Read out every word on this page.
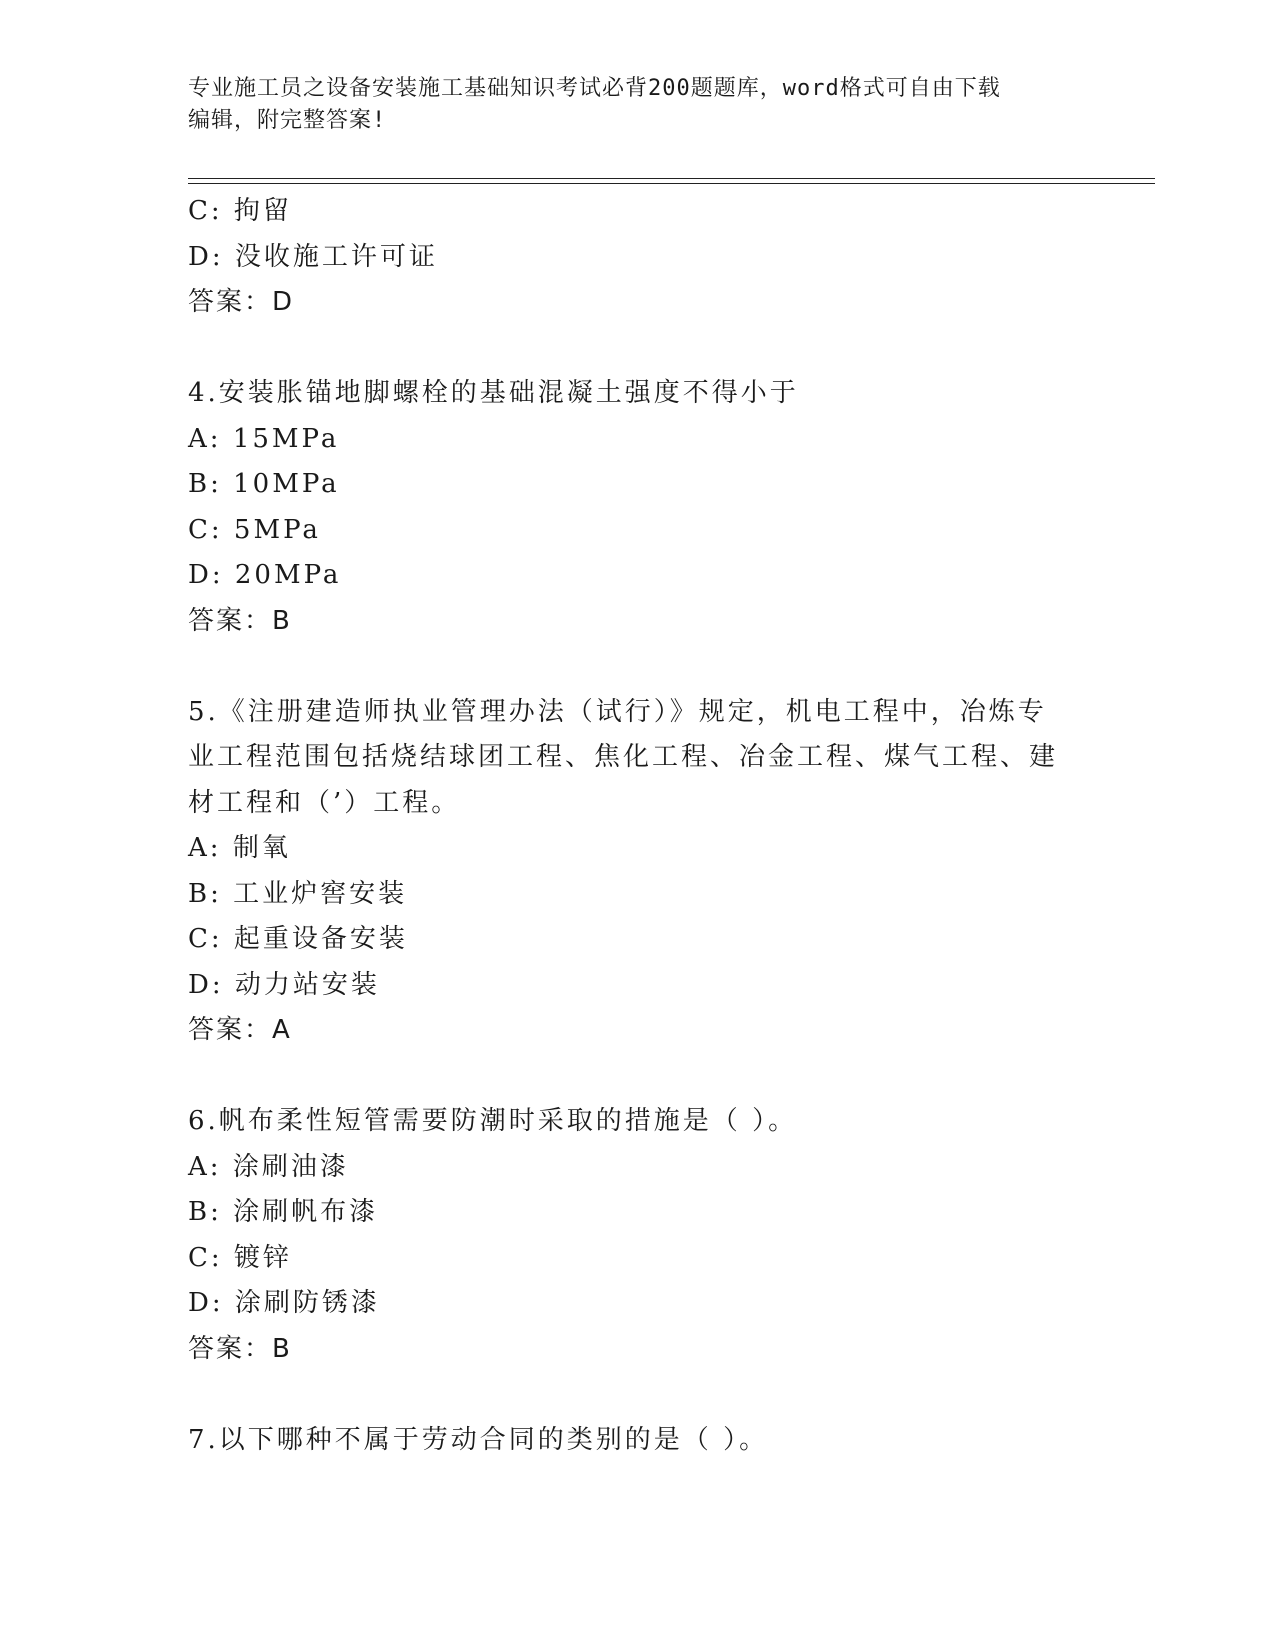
专业施工员之设备安装施工基础知识考试必背200题题库，word格式可自由下载
编辑，附完整答案!
C: 拘留
D: 没收施工许可证
答案：D
4.安装胀锚地脚螺栓的基础混凝土强度不得小于
A: 15MPa
B: 10MPa
C: 5MPa
D: 20MPa
答案：B
5.《注册建造师执业管理办法（试行）》规定，机电工程中，冶炼专
业工程范围包括烧结球团工程、焦化工程、冶金工程、煤气工程、建
材工程和（’）工程。
A: 制氧
B: 工业炉窖安装
C: 起重设备安装
D: 动力站安装
答案：A
6.帆布柔性短管需要防潮时采取的措施是（ ）。
A: 涂刷油漆
B: 涂刷帆布漆
C: 镀锌
D: 涂刷防锈漆
答案：B
7.以下哪种不属于劳动合同的类别的是（ ）。
